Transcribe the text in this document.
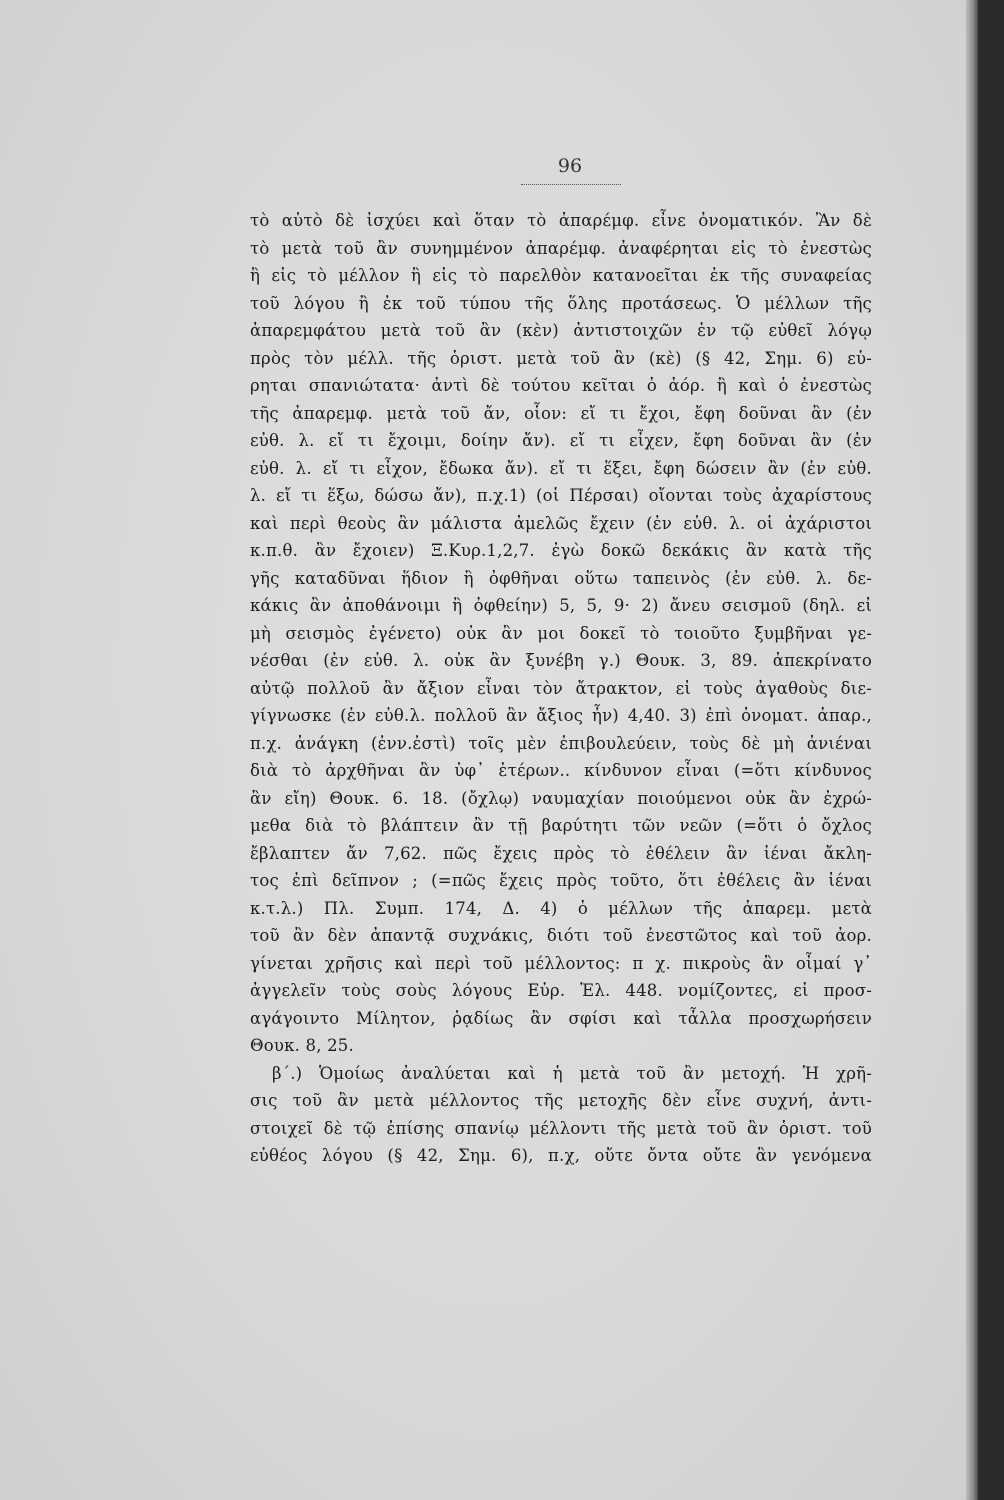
96
τὸ αὐτὸ δὲ ἰσχύει καὶ ὅταν τὸ ἀπαρέμφ. εἶνε ὀνοματικόν. Ἂν δὲ
τὸ μετὰ τοῦ ἂν συνημμένον ἀπαρέμφ. ἀναφέρηται εἰς τὸ ἐνεστὼς
ἢ εἰς τὸ μέλλον ἢ εἰς τὸ παρελθὸν κατανοεῖται ἐκ τῆς συναφείας
τοῦ λόγου ἢ ἐκ τοῦ τύπου τῆς ὅλης προτάσεως. Ὁ μέλλων τῆς
ἀπαρεμφάτου μετὰ τοῦ ἂν (κὲν) ἀντιστοιχῶν ἐν τῷ εὐθεῖ λόγῳ
πρὸς τὸν μέλλ. τῆς ὁριστ. μετὰ τοῦ ἂν (κὲ) (§ 42, Σημ. 6) εὑ-
ρηται σπανιώτατα· ἀντὶ δὲ τούτου κεῖται ὁ ἀόρ. ἢ καὶ ὁ ἐνεστὼς
τῆς ἀπαρεμφ. μετὰ τοῦ ἄν, οἷον: εἴ τι ἔχοι, ἔφη δοῦναι ἂν (ἐν
εὐθ. λ. εἴ τι ἔχοιμι, δοίην ἄν). εἴ τι εἶχεν, ἔφη δοῦναι ἂν (ἐν
εὐθ. λ. εἴ τι εἶχον, ἔδωκα ἄν). εἴ τι ἕξει, ἔφη δώσειν ἂν (ἐν εὐθ.
λ. εἴ τι ἕξω, δώσω ἄν), π.χ.1) (οἱ Πέρσαι) οἴονται τοὺς ἀχαρίστους
καὶ περὶ θεοὺς ἂν μάλιστα ἀμελῶς ἔχειν (ἐν εὐθ. λ. οἱ ἀχάριστοι
κ.π.θ. ἂν ἔχοιεν) Ξ.Κυρ.1,2,7. ἐγὼ δοκῶ δεκάκις ἂν κατὰ τῆς
γῆς καταδῦναι ἥδιον ἢ ὀφθῆναι οὕτω ταπεινὸς (ἐν εὐθ. λ. δε-
κάκις ἂν ἀποθάνοιμι ἢ ὀφθείην) 5, 5, 9· 2) ἄνευ σεισμοῦ (δηλ. εἰ
μὴ σεισμὸς ἐγένετο) οὐκ ἂν μοι δοκεῖ τὸ τοιοῦτο ξυμβῆναι γε-
νέσθαι (ἐν εὐθ. λ. οὐκ ἂν ξυνέβη γ.) Θουκ. 3, 89. ἀπεκρίνατο
αὐτῷ πολλοῦ ἂν ἄξιον εἶναι τὸν ἄτρακτον, εἰ τοὺς ἀγαθοὺς διε-
γίγνωσκε (ἐν εὐθ.λ. πολλοῦ ἂν ἄξιος ἦν) 4,40. 3) ἐπὶ ὀνοματ. ἀπαρ.,
π.χ. ἀνάγκη (ἐνν.ἐστὶ) τοῖς μὲν ἐπιβουλεύειν, τοὺς δὲ μὴ ἀνιέναι
διὰ τὸ ἀρχθῆναι ἂν ὑφ᾽ ἑτέρων.. κίνδυνον εἶναι (=ὅτι κίνδυνος
ἂν εἴη) Θουκ. 6. 18. (ὄχλῳ) ναυμαχίαν ποιούμενοι οὐκ ἂν ἐχρώ-
μεθα διὰ τὸ βλάπτειν ἂν τῇ βαρύτητι τῶν νεῶν (=ὅτι ὁ ὄχλος
ἔβλαπτεν ἄν 7,62. πῶς ἔχεις πρὸς τὸ ἐθέλειν ἂν ἰέναι ἄκλη-
τος ἐπὶ δεῖπνον ; (=πῶς ἔχεις πρὸς τοῦτο, ὅτι ἐθέλεις ἂν ἰέναι
κ.τ.λ.) Πλ. Συμπ. 174, Δ. 4) ὁ μέλλων τῆς ἀπαρεμ. μετὰ
τοῦ ἂν δὲν ἀπαντᾷ συχνάκις, διότι τοῦ ἐνεστῶτος καὶ τοῦ ἀορ.
γίνεται χρῆσις καὶ περὶ τοῦ μέλλοντος: π χ. πικροὺς ἂν οἶμαί γ᾽
ἀγγελεῖν τοὺς σοὺς λόγους Εὐρ. Ἑλ. 448. νομίζοντες, εἰ προσ-
αγάγοιντο Μίλητον, ῥᾳδίως ἂν σφίσι καὶ τἆλλα προσχωρήσειν
Θουκ. 8, 25.
β΄.) Ὁμοίως ἀναλύεται καὶ ἡ μετὰ τοῦ ἂν μετοχή. Ἡ χρῆ-
σις τοῦ ἂν μετὰ μέλλοντος τῆς μετοχῆς δὲν εἶνε συχνή, ἀντι-
στοιχεῖ δὲ τῷ ἐπίσης σπανίῳ μέλλοντι τῆς μετὰ τοῦ ἂν ὁριστ. τοῦ
εὐθέος λόγου (§ 42, Σημ. 6), π.χ, οὔτε ὄντα οὔτε ἂν γενόμενα
